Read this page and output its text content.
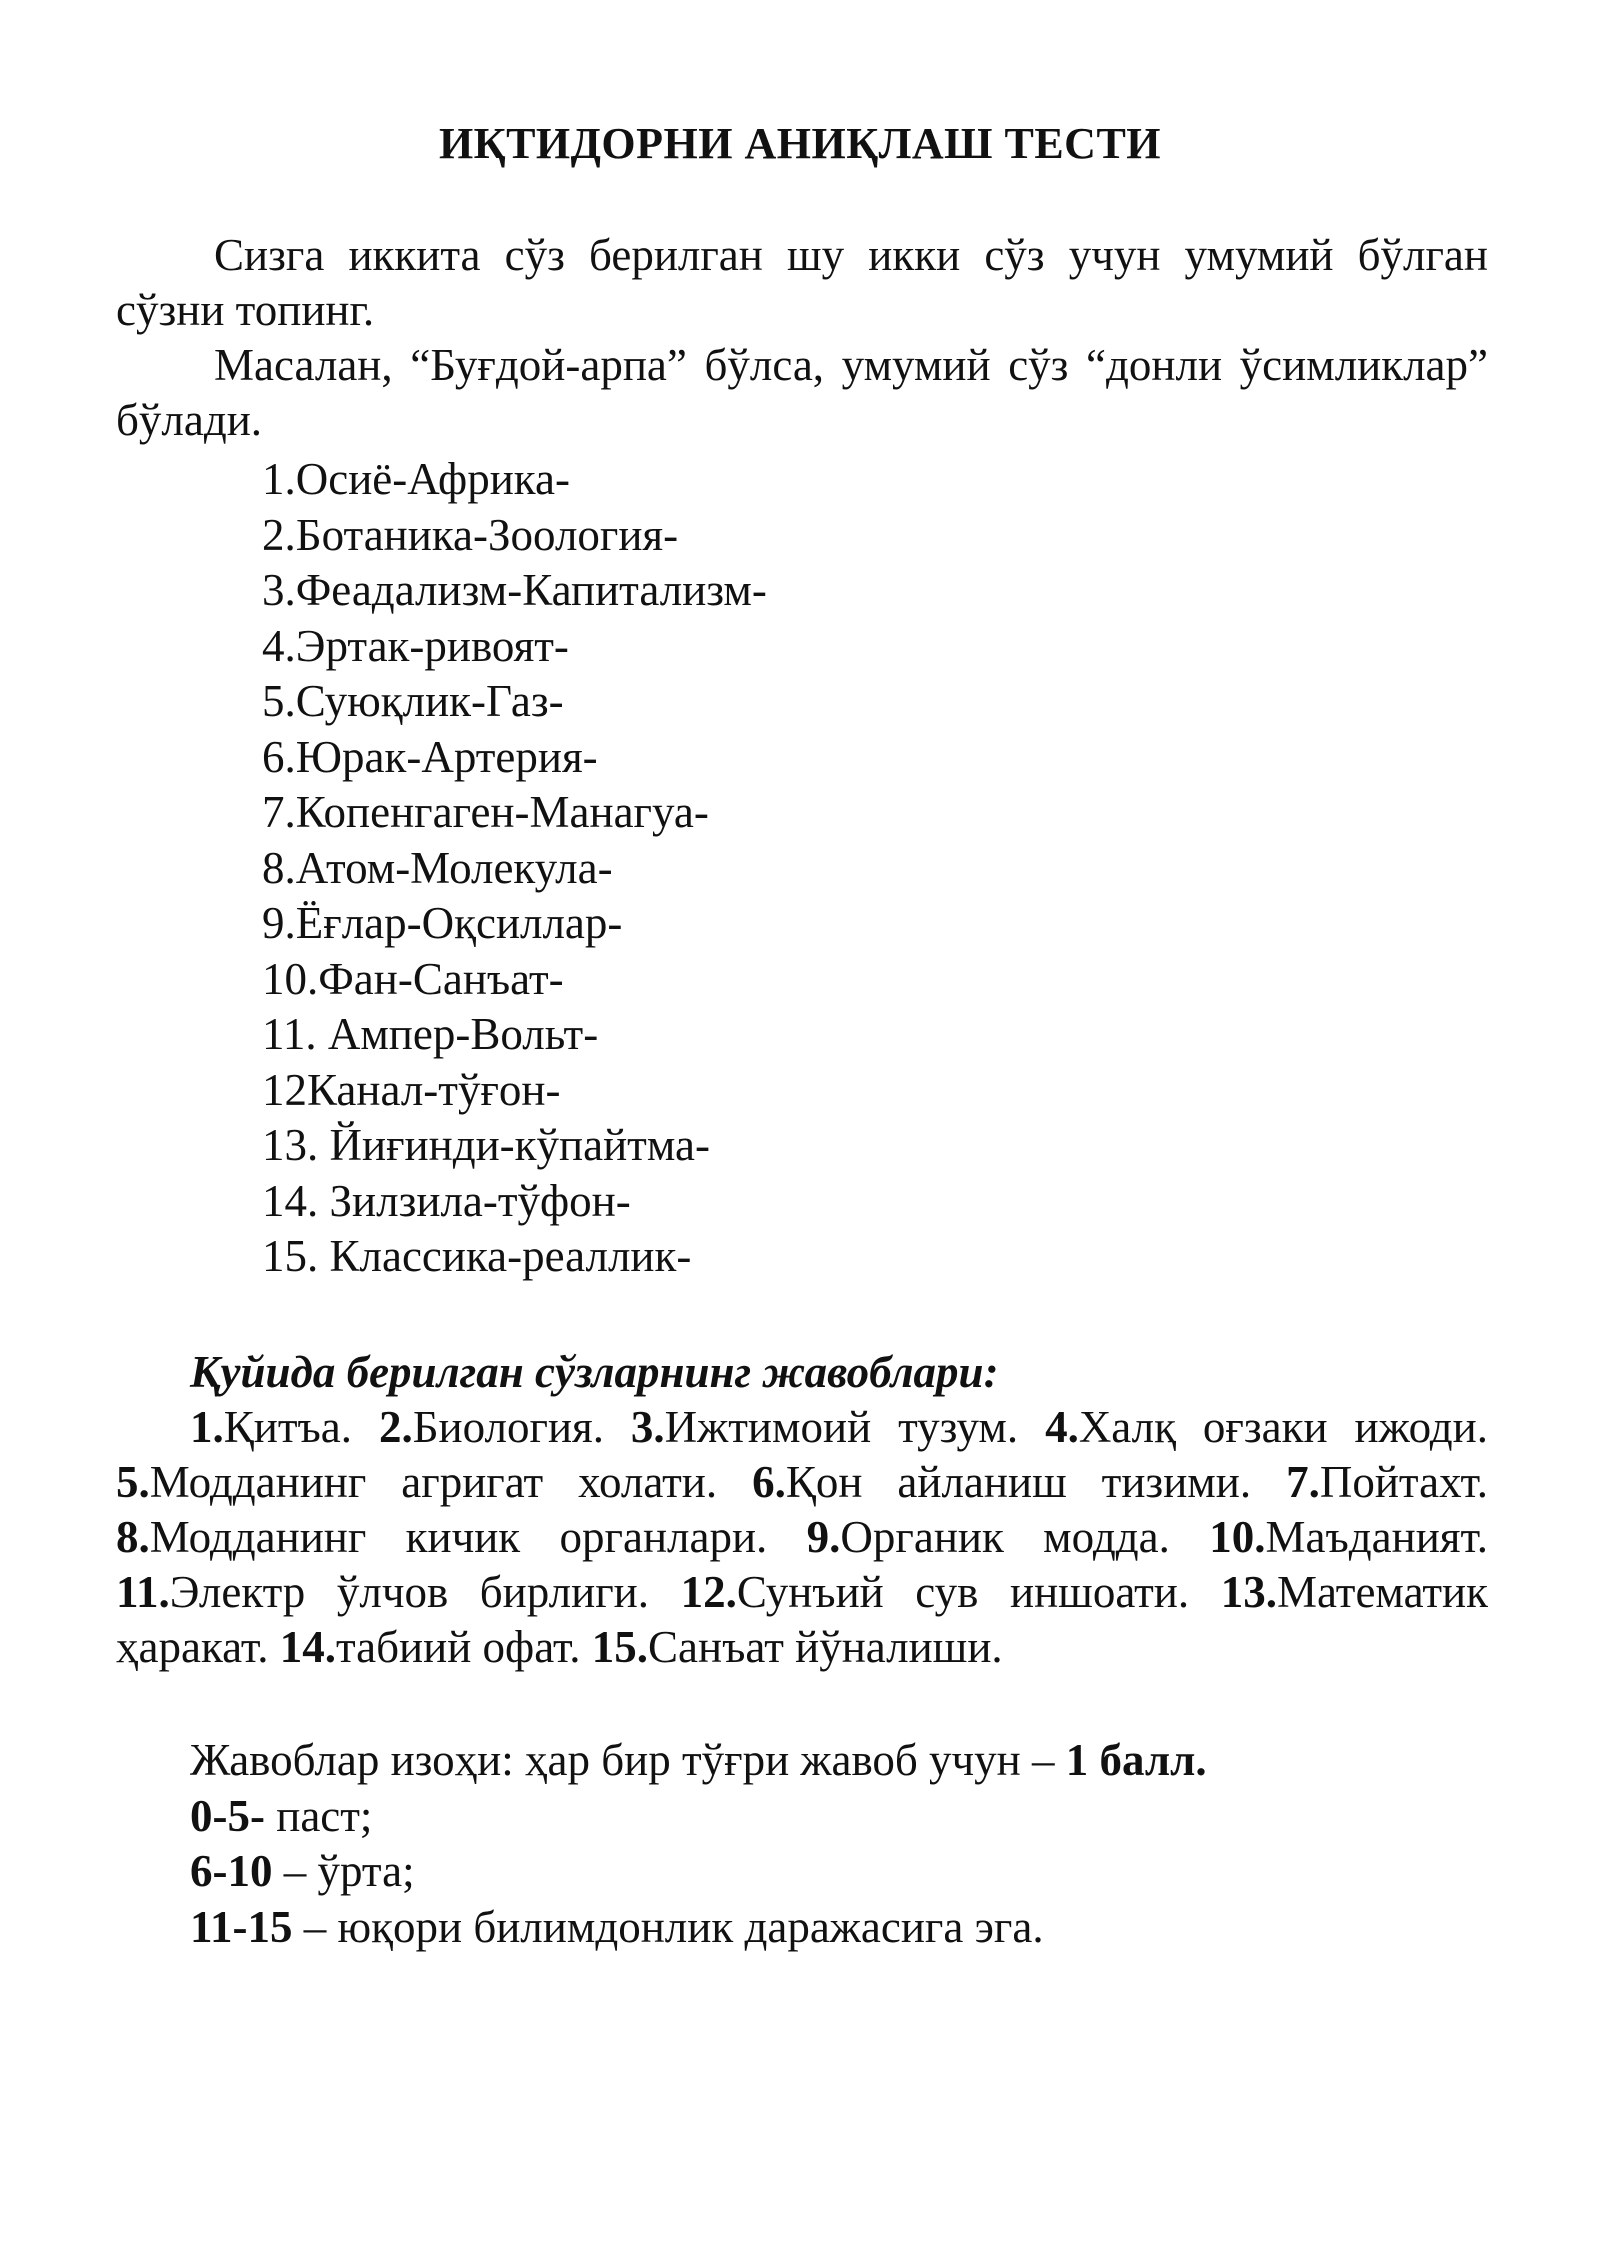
ИҚТИДОРНИ АНИҚЛАШ ТЕСТИ

Сизга иккита сўз берилган шу икки сўз учун умумий бўлган сўзни топинг.

Масалан, “Буғдой-арпа” бўлса, умумий сўз “донли ўсимликлар” бўлади.

1.Осиё-Африка-
2.Ботаника-Зоология-
3.Феадализм-Капитализм-
4.Эртак-ривоят-
5.Суюқлик-Газ-
6.Юрак-Артерия-
7.Копенгаген-Манагуа-
8.Атом-Молекула-
9.Ёғлар-Оқсиллар-
10.Фан-Санъат-
11. Ампер-Вольт-
12Канал-тўғон-
13. Йиғинди-кўпайтма-
14. Зилзила-тўфон-
15. Классика-реаллик-

Қуйида берилган сўзларнинг жавоблари:

1.Қитъа. 2.Биология. 3.Ижтимоий тузум. 4.Халқ оғзаки ижоди. 5.Модданинг агригат холати. 6.Қон айланиш тизими. 7.Пойтахт. 8.Модданинг кичик органлари. 9.Органик модда. 10.Маъданият. 11.Электр ўлчов бирлиги. 12.Сунъий сув иншоати. 13.Математик ҳаракат. 14.табиий офат. 15.Санъат йўналиши.

Жавоблар изоҳи: ҳар бир тўғри жавоб учун – 1 балл.
0-5- паст;
6-10 – ўрта;
11-15 – юқори билимдонлик даражасига эга.
